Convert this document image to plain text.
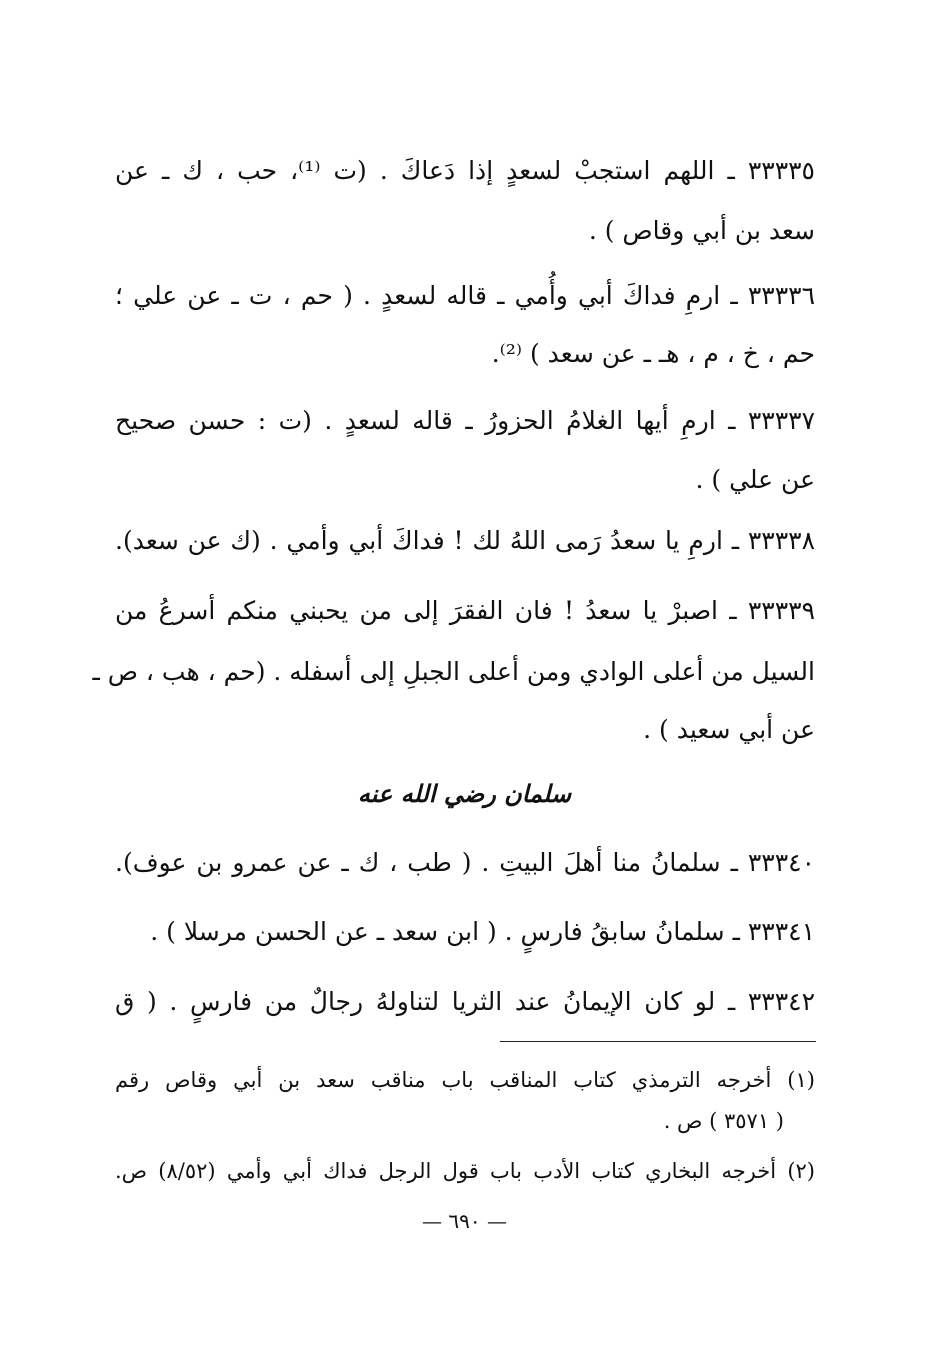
٣٣٣٣٥ ـ اللهم استجبْ لسعدٍ إذا دَعاكَ . (ت ⁽¹⁾، حب ، ك ـ عن
سعد بن أبي وقاص ) .
٣٣٣٣٦ ـ ارمِ فداكَ أبي وأُمي ـ قاله لسعدٍ . ( حم ، ت ـ عن علي ؛
حم ، خ ، م ، هـ ـ عن سعد ) ⁽²⁾.
٣٣٣٣٧ ـ ارمِ أيها الغلامُ الحزورُ ـ قاله لسعدٍ . (ت : حسن صحيح
عن علي ) .
٣٣٣٣٨ ـ ارمِ يا سعدُ رَمى اللهُ لك ! فداكَ أبي وأمي . (ك عن سعد).
٣٣٣٣٩ ـ اصبرْ يا سعدُ ! فان الفقرَ إلى من يحبني منكم أسرعُ من
السيل من أعلى الوادي ومن أعلى الجبلِ إلى أسفله . (حم ، هب ، ص ـ
عن أبي سعيد ) .
سلمان رضي الله عنه
٣٣٣٤٠ ـ سلمانُ منا أهلَ البيتِ . ( طب ، ك ـ عن عمرو بن عوف).
٣٣٣٤١ ـ سلمانُ سابقُ فارسٍ . ( ابن سعد ـ عن الحسن مرسلا ) .
٣٣٣٤٢ ـ لو كان الإيمانُ عند الثريا لتناولهُ رجالٌ من فارسٍ . ( ق
(١) أخرجه الترمذي كتاب المناقب باب مناقب سعد بن أبي وقاص رقم
( ٣٥٧١ ) ص .
(٢) أخرجه البخاري كتاب الأدب باب قول الرجل فداك أبي وأمي (٨/٥٢) ص.
— ٦٩٠ —
